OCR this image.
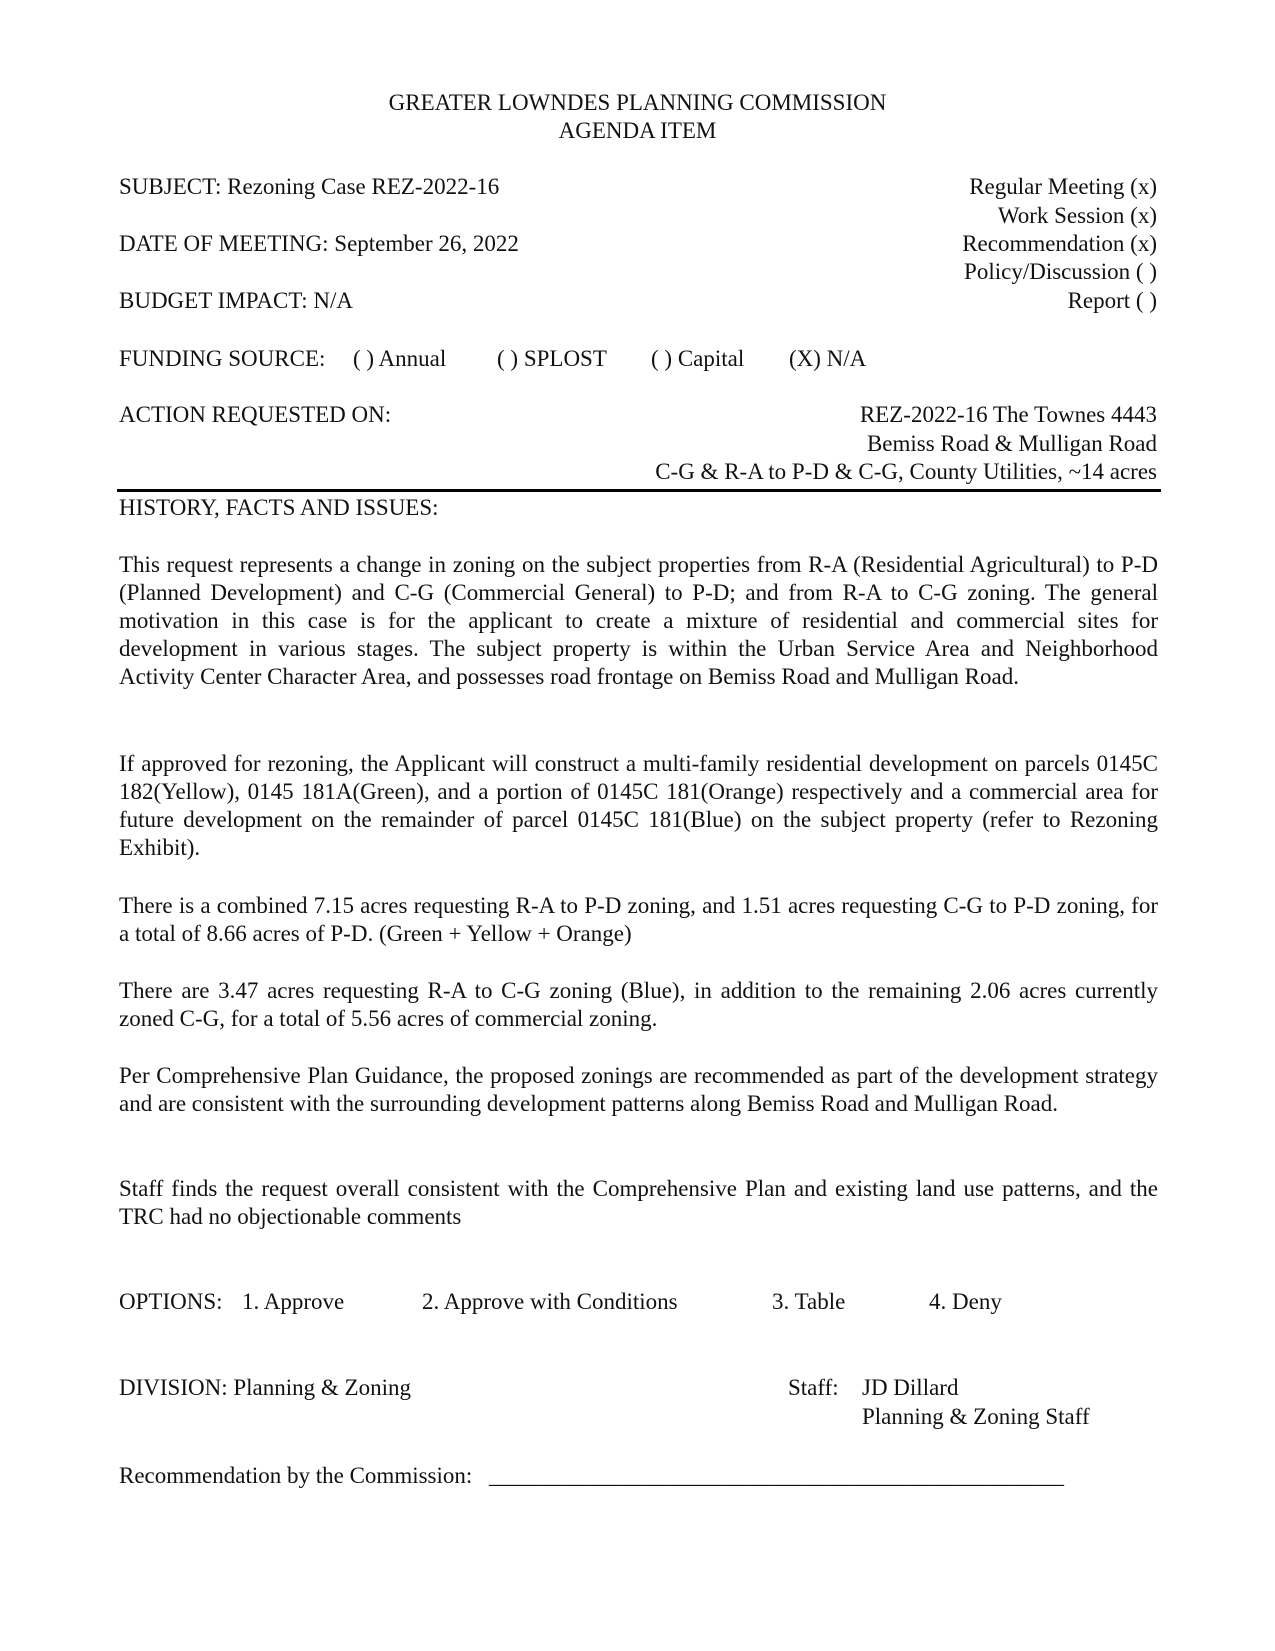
GREATER LOWNDES PLANNING COMMISSION
AGENDA ITEM
SUBJECT: Rezoning Case REZ-2022-16
DATE OF MEETING: September 26, 2022
BUDGET IMPACT: N/A
Regular Meeting (x)
Work Session (x)
Recommendation (x)
Policy/Discussion ( )
Report ( )
FUNDING SOURCE: ( ) Annual ( ) SPLOST ( ) Capital (X) N/A
ACTION REQUESTED ON:	REZ-2022-16 The Townes 4443
Bemiss Road & Mulligan Road
C-G & R-A to P-D & C-G, County Utilities, ~14 acres
HISTORY, FACTS AND ISSUES:
This request represents a change in zoning on the subject properties from R-A (Residential Agricultural) to P-D (Planned Development) and C-G (Commercial General) to P-D; and from R-A to C-G zoning. The general motivation in this case is for the applicant to create a mixture of residential and commercial sites for development in various stages. The subject property is within the Urban Service Area and Neighborhood Activity Center Character Area, and possesses road frontage on Bemiss Road and Mulligan Road.
If approved for rezoning, the Applicant will construct a multi-family residential development on parcels 0145C 182(Yellow), 0145 181A(Green), and a portion of 0145C 181(Orange) respectively and a commercial area for future development on the remainder of parcel 0145C 181(Blue) on the subject property (refer to Rezoning Exhibit).
There is a combined 7.15 acres requesting R-A to P-D zoning, and 1.51 acres requesting C-G to P-D zoning, for a total of 8.66 acres of P-D. (Green + Yellow + Orange)
There are 3.47 acres requesting R-A to C-G zoning (Blue), in addition to the remaining 2.06 acres currently zoned C-G, for a total of 5.56 acres of commercial zoning.
Per Comprehensive Plan Guidance, the proposed zonings are recommended as part of the development strategy and are consistent with the surrounding development patterns along Bemiss Road and Mulligan Road.
Staff finds the request overall consistent with the Comprehensive Plan and existing land use patterns, and the TRC had no objectionable comments
OPTIONS: 1. Approve	2. Approve with Conditions	3. Table	4. Deny
DIVISION: Planning & Zoning	Staff: JD Dillard
Planning & Zoning Staff
Recommendation by the Commission: __________________________________________________
